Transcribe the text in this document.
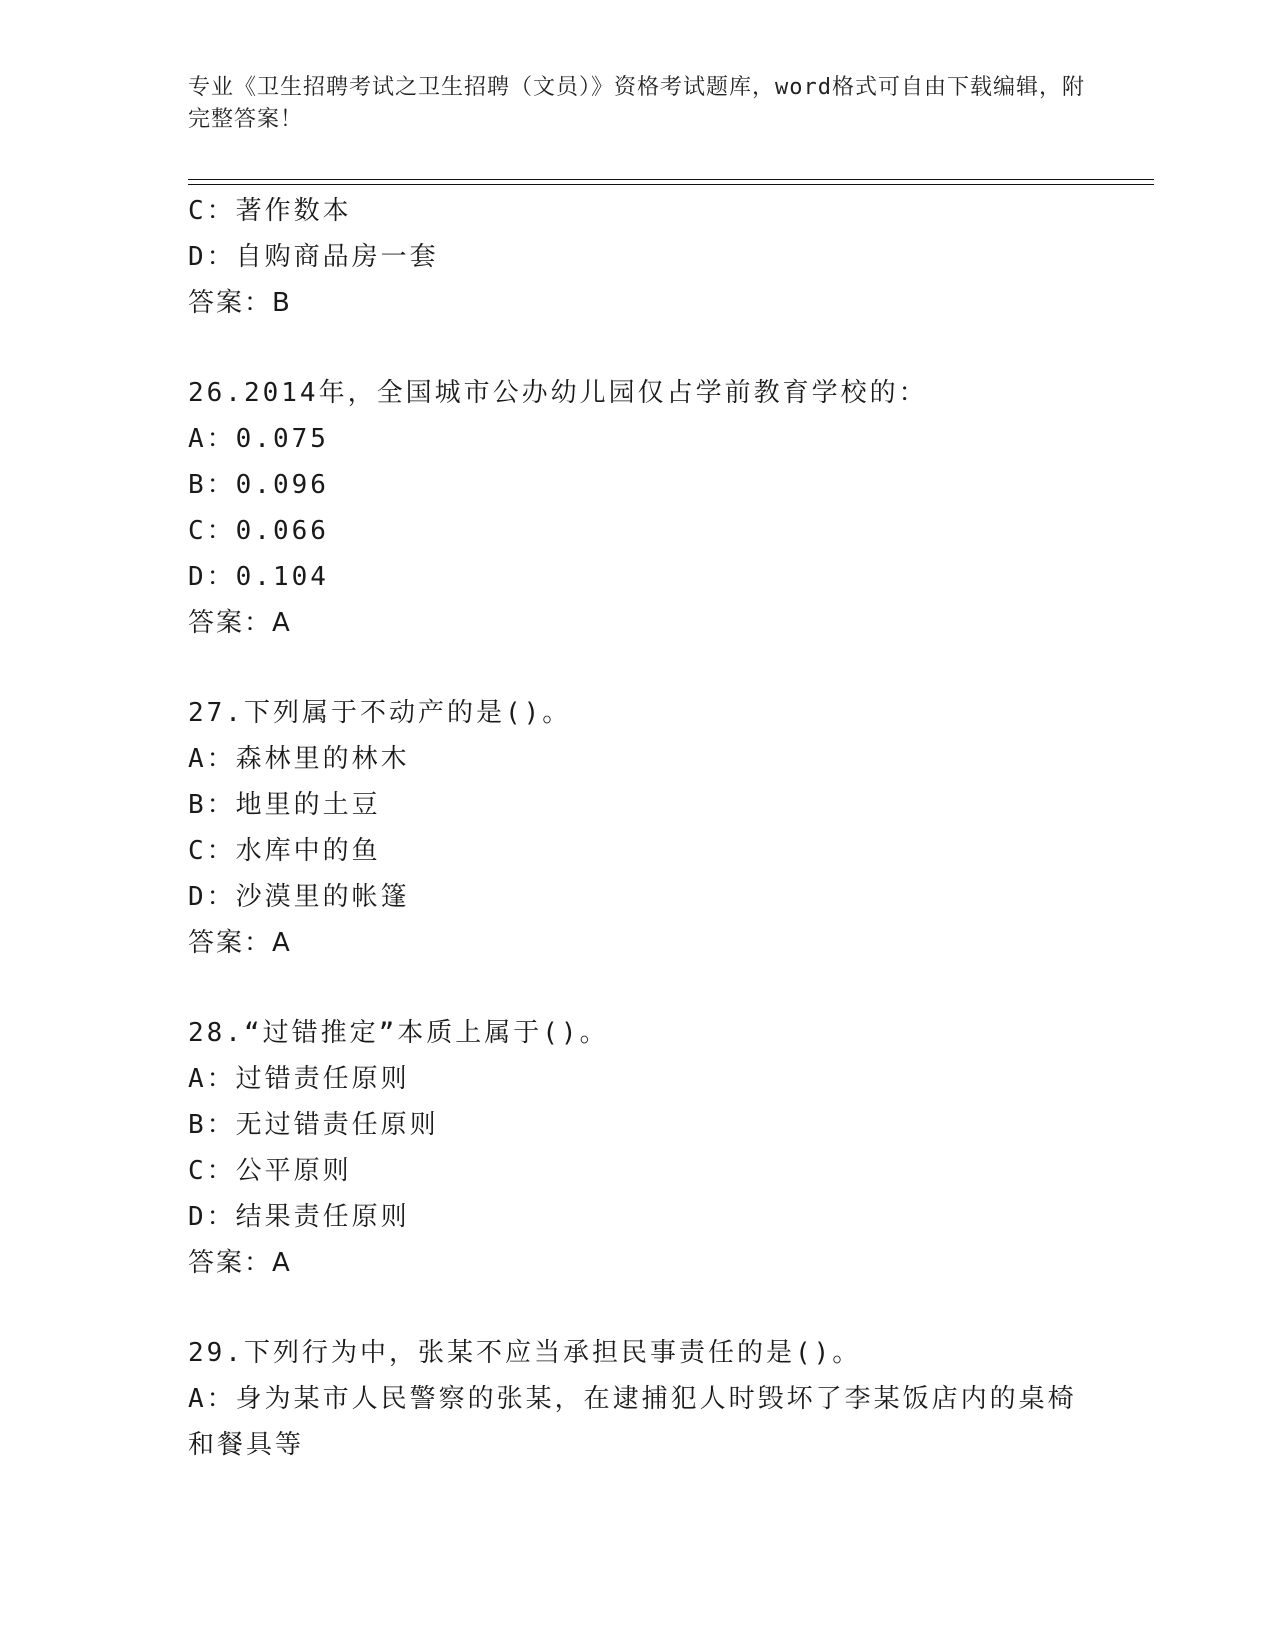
专业《卫生招聘考试之卫生招聘（文员）》资格考试题库，word格式可自由下载编辑，附完整答案！
C：著作数本
D：自购商品房一套
答案：B
26.2014年，全国城市公办幼儿园仅占学前教育学校的：
A：0.075
B：0.096
C：0.066
D：0.104
答案：A
27.下列属于不动产的是()。
A：森林里的林木
B：地里的土豆
C：水库中的鱼
D：沙漠里的帐篷
答案：A
28.“过错推定”本质上属于()。
A：过错责任原则
B：无过错责任原则
C：公平原则
D：结果责任原则
答案：A
29.下列行为中，张某不应当承担民事责任的是()。
A：身为某市人民警察的张某，在逮捕犯人时毁坏了李某饭店内的桌椅和餐具等
